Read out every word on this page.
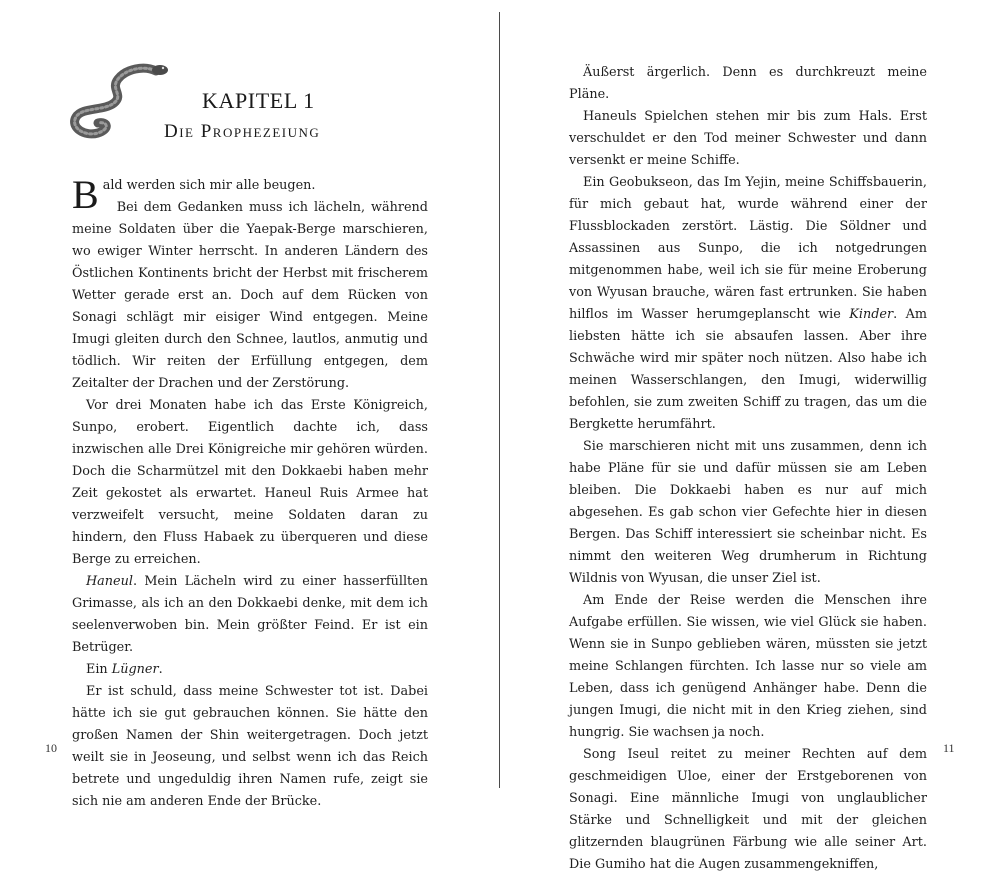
KAPITEL 1
Die Prophezeiung

Bald werden sich mir alle beugen.

Bei dem Gedanken muss ich lächeln, während meine Soldaten über die Yaepak-Berge marschieren, wo ewiger Winter herrscht. In anderen Ländern des Östlichen Kontinents bricht der Herbst mit frischerem Wetter gerade erst an. Doch auf dem Rücken von Sonagi schlägt mir eisiger Wind entgegen. Meine Imugi gleiten durch den Schnee, lautlos, anmutig und tödlich. Wir reiten der Erfüllung entgegen, dem Zeitalter der Drachen und der Zerstörung.

Vor drei Monaten habe ich das Erste Königreich, Sunpo, erobert. Eigentlich dachte ich, dass inzwischen alle Drei Königreiche mir gehören würden. Doch die Scharmützel mit den Dokkaebi haben mehr Zeit gekostet als erwartet. Haneul Ruis Armee hat verzweifelt versucht, meine Soldaten daran zu hindern, den Fluss Habaek zu überqueren und diese Berge zu erreichen.

Haneul. Mein Lächeln wird zu einer hasserfüllten Grimasse, als ich an den Dokkaebi denke, mit dem ich seelenverwoben bin. Mein größter Feind. Er ist ein Betrüger.

Ein Lügner.

Er ist schuld, dass meine Schwester tot ist. Dabei hätte ich sie gut gebrauchen können. Sie hätte den großen Namen der Shin weitergetragen. Doch jetzt weilt sie in Jeoseung, und selbst wenn ich das Reich betrete und ungeduldig ihren Namen rufe, zeigt sie sich nie am anderen Ende der Brücke.

Äußerst ärgerlich. Denn es durchkreuzt meine Pläne.

Haneuls Spielchen stehen mir bis zum Hals. Erst verschuldet er den Tod meiner Schwester und dann versenkt er meine Schiffe.

Ein Geobukseon, das Im Yejin, meine Schiffsbauerin, für mich gebaut hat, wurde während einer der Flussblockaden zerstört. Lästig. Die Söldner und Assassinen aus Sunpo, die ich notgedrungen mitgenommen habe, weil ich sie für meine Eroberung von Wyusan brauche, wären fast ertrunken. Sie haben hilflos im Wasser herumgeplanscht wie Kinder. Am liebsten hätte ich sie absaufen lassen. Aber ihre Schwäche wird mir später noch nützen. Also habe ich meinen Wasserschlangen, den Imugi, widerwillig befohlen, sie zum zweiten Schiff zu tragen, das um die Bergkette herumfährt.

Sie marschieren nicht mit uns zusammen, denn ich habe Pläne für sie und dafür müssen sie am Leben bleiben. Die Dokkaebi haben es nur auf mich abgesehen. Es gab schon vier Gefechte hier in diesen Bergen. Das Schiff interessiert sie scheinbar nicht. Es nimmt den weiteren Weg drumherum in Richtung Wildnis von Wyusan, die unser Ziel ist.

Am Ende der Reise werden die Menschen ihre Aufgabe erfüllen. Sie wissen, wie viel Glück sie haben. Wenn sie in Sunpo geblieben wären, müssten sie jetzt meine Schlangen fürchten. Ich lasse nur so viele am Leben, dass ich genügend Anhänger habe. Denn die jungen Imugi, die nicht mit in den Krieg ziehen, sind hungrig. Sie wachsen ja noch.

Song Iseul reitet zu meiner Rechten auf dem geschmeidigen Uloe, einer der Erstgeborenen von Sonagi. Eine männliche Imugi von unglaublicher Stärke und Schnelligkeit und mit der gleichen glitzernden blaugrünen Färbung wie alle seiner Art. Die Gumiho hat die Augen zusammengekniffen,

10	11
